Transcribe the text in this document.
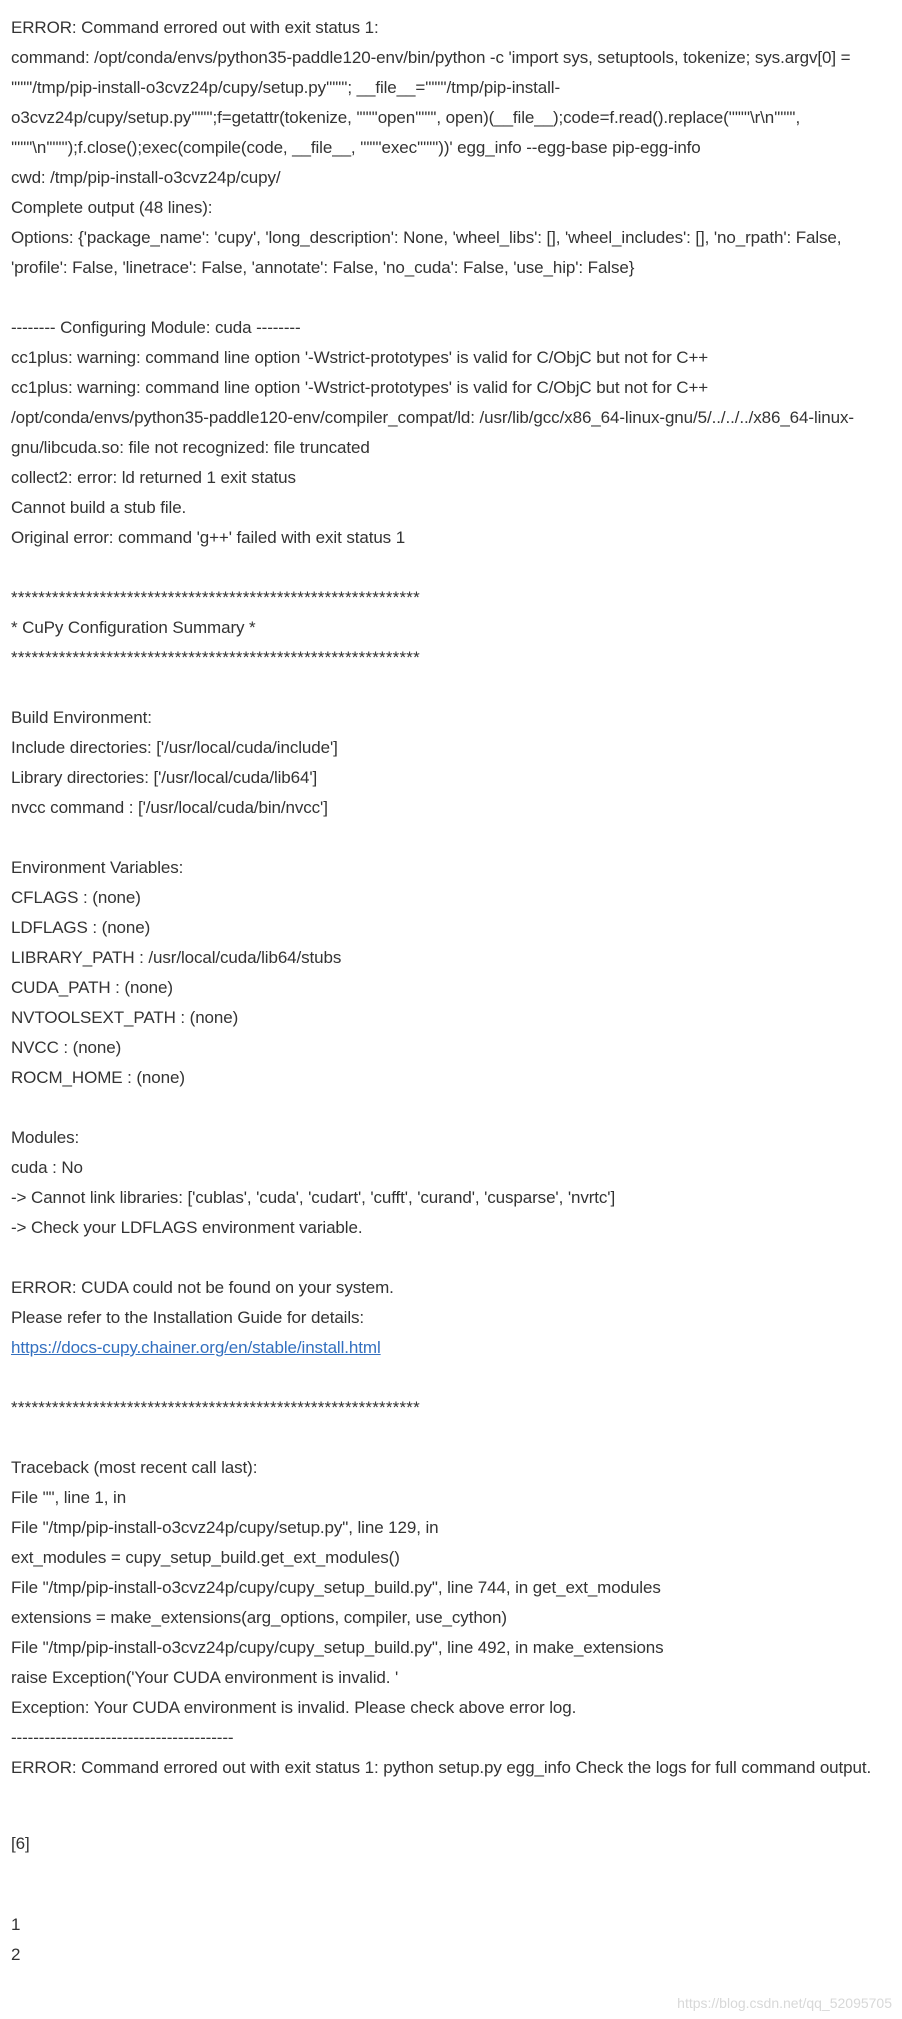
ERROR: Command errored out with exit status 1:
command: /opt/conda/envs/python35-paddle120-env/bin/python -c 'import sys, setuptools, tokenize; sys.argv[0] =
'"'"'/tmp/pip-install-o3cvz24p/cupy/setup.py'"'"'; __file__='"'"'/tmp/pip-install-
o3cvz24p/cupy/setup.py'"'"';f=getattr(tokenize, '"'"'open'"'"', open)(__file__);code=f.read().replace('"'"'\r\n'"'"',
'"'"'\n'"'"');f.close();exec(compile(code, __file__, '"'"'exec'"'"'))' egg_info --egg-base pip-egg-info
cwd: /tmp/pip-install-o3cvz24p/cupy/
Complete output (48 lines):
Options: {'package_name': 'cupy', 'long_description': None, 'wheel_libs': [], 'wheel_includes': [], 'no_rpath': False,
'profile': False, 'linetrace': False, 'annotate': False, 'no_cuda': False, 'use_hip': False}
-------- Configuring Module: cuda --------
cc1plus: warning: command line option '-Wstrict-prototypes' is valid for C/ObjC but not for C++
cc1plus: warning: command line option '-Wstrict-prototypes' is valid for C/ObjC but not for C++
/opt/conda/envs/python35-paddle120-env/compiler_compat/ld: /usr/lib/gcc/x86_64-linux-gnu/5/../../../x86_64-linux-
gnu/libcuda.so: file not recognized: file truncated
collect2: error: ld returned 1 exit status
Cannot build a stub file.
Original error: command 'g++' failed with exit status 1
************************************************************
* CuPy Configuration Summary *
************************************************************
Build Environment:
Include directories: ['/usr/local/cuda/include']
Library directories: ['/usr/local/cuda/lib64']
nvcc command : ['/usr/local/cuda/bin/nvcc']
Environment Variables:
CFLAGS : (none)
LDFLAGS : (none)
LIBRARY_PATH : /usr/local/cuda/lib64/stubs
CUDA_PATH : (none)
NVTOOLSEXT_PATH : (none)
NVCC : (none)
ROCM_HOME : (none)
Modules:
cuda : No
-> Cannot link libraries: ['cublas', 'cuda', 'cudart', 'cufft', 'curand', 'cusparse', 'nvrtc']
-> Check your LDFLAGS environment variable.
ERROR: CUDA could not be found on your system.
Please refer to the Installation Guide for details:
https://docs-cupy.chainer.org/en/stable/install.html
************************************************************
Traceback (most recent call last):
File "", line 1, in
File "/tmp/pip-install-o3cvz24p/cupy/setup.py", line 129, in
ext_modules = cupy_setup_build.get_ext_modules()
File "/tmp/pip-install-o3cvz24p/cupy/cupy_setup_build.py", line 744, in get_ext_modules
extensions = make_extensions(arg_options, compiler, use_cython)
File "/tmp/pip-install-o3cvz24p/cupy/cupy_setup_build.py", line 492, in make_extensions
raise Exception('Your CUDA environment is invalid. '
Exception: Your CUDA environment is invalid. Please check above error log.
----------------------------------------
ERROR: Command errored out with exit status 1: python setup.py egg_info Check the logs for full command output.
[6]
1
2
https://blog.csdn.net/qq_52095705
